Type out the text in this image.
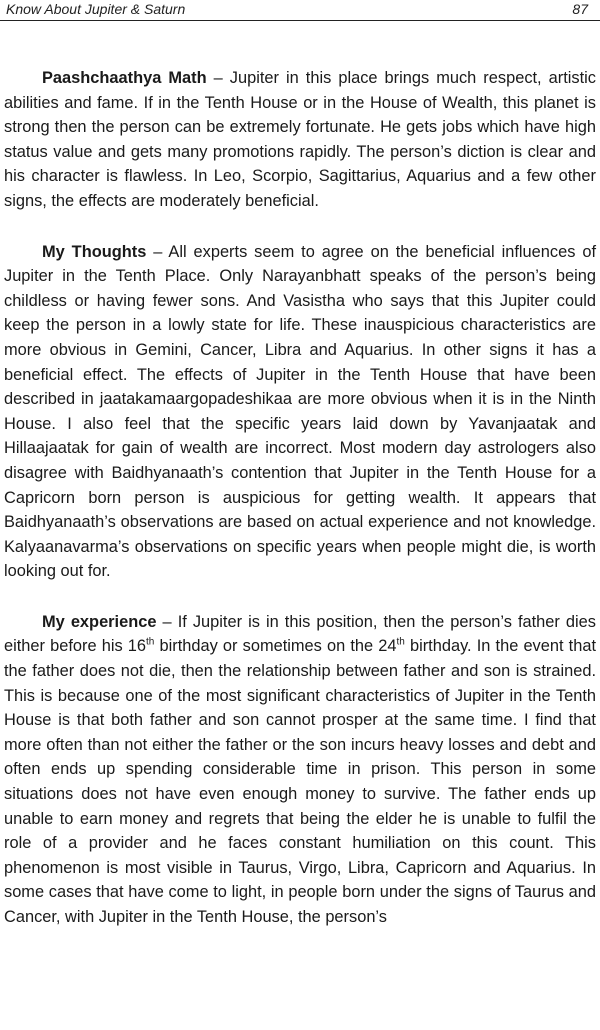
Know About Jupiter & Saturn	87

Paashchaathya Math – Jupiter in this place brings much respect, artistic abilities and fame. If in the Tenth House or in the House of Wealth, this planet is strong then the person can be extremely fortunate. He gets jobs which have high status value and gets many promotions rapidly. The person’s diction is clear and his character is flawless. In Leo, Scorpio, Sagittarius, Aquarius and a few other signs, the effects are moderately beneficial.

My Thoughts – All experts seem to agree on the beneficial influences of Jupiter in the Tenth Place. Only Narayanbhatt speaks of the person’s being childless or having fewer sons. And Vasistha who says that this Jupiter could keep the person in a lowly state for life. These inauspicious characteristics are more obvious in Gemini, Cancer, Libra and Aquarius. In other signs it has a beneficial effect. The effects of Jupiter in the Tenth House that have been described in jaatakamaargopadeshikaa are more obvious when it is in the Ninth House. I also feel that the specific years laid down by Yavanjaatak and Hillaajaatak for gain of wealth are incorrect. Most modern day astrologers also disagree with Baidhyanaath’s contention that Jupiter in the Tenth House for a Capricorn born person is auspicious for getting wealth. It appears that Baidhyanaath’s observations are based on actual experience and not knowledge. Kalyaanavarma’s observations on specific years when people might die, is worth looking out for.

My experience – If Jupiter is in this position, then the person’s father dies either before his 16th birthday or sometimes on the 24th birthday. In the event that the father does not die, then the relationship between father and son is strained. This is because one of the most significant characteristics of Jupiter in the Tenth House is that both father and son cannot prosper at the same time. I find that more often than not either the father or the son incurs heavy losses and debt and often ends up spending considerable time in prison. This person in some situations does not have even enough money to survive. The father ends up unable to earn money and regrets that being the elder he is unable to fulfil the role of a provider and he faces constant humiliation on this count. This phenomenon is most visible in Taurus, Virgo, Libra, Capricorn and Aquarius. In some cases that have come to light, in people born under the signs of Taurus and Cancer, with Jupiter in the Tenth House, the person’s
